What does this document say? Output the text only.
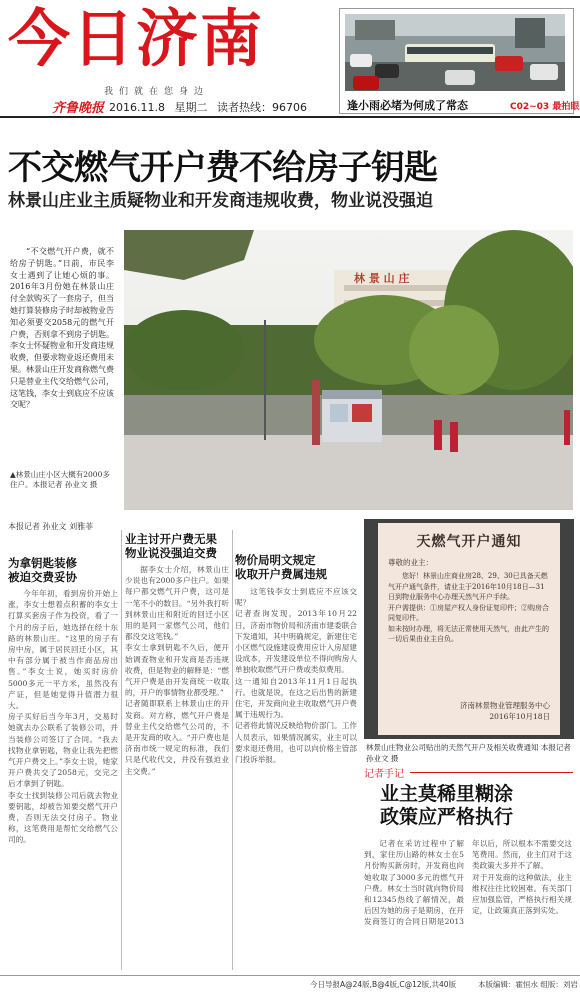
今日济南
我们就在您身边
齐鲁晚报 2016.11.8 星期二 读者热线：96706	逢小雨必堵为何成了常态	C02~03 最拍眼
不交燃气开户费不给房子钥匙
林景山庄业主质疑物业和开发商违规收费，物业说没强迫
“不交燃气开户费，就不给房子钥匙。”日前，市民李女士遇到了让她心烦的事。2016年3月份她在林景山庄付全款购买了一套房子，但当她打算装修房子时却被物业告知必须要交2058元的燃气开户费，否则拿不到房子钥匙。李女士怀疑物业和开发商违规收费，但要求物业返还费用未果。林景山庄开发商称燃气费只是替业主代交给燃气公司，这笔钱，李女士到底应不应该交呢？
▲林景山庄小区大概有2000多住户。本报记者 孙业文 摄
林 景 山 庄
本报记者 孙业文 刘雅菲
为拿钥匙装修
被迫交费妥协
今年年初，看到房价开始上涨，李女士想着点积蓄的李女士打算买套房子作为投资，看了一个月的房子后，她选择在经十东路的林景山庄。“这里的房子有房中房，属于居民回迁小区，其中有部分属于被当作商品房出售。”李女士说，她买时房价5000多元一平方米，虽然没有产证，但是她觉得升值潜力很大。
房子买好后当今年3月，交易时她就去办公联系了装修公司，并当装修公司签订了合同。“我去找物业拿钥匙，物业让我先把燃气开户费交上。”李女士说，她家开户费共交了2058元，交完之后才拿到了钥匙。
李女士找到装修公司后就去物业要钥匙，却被告知要交燃气开户费，否则无法交付房子。物业称，这笔费用是帮忙交给燃气公司的。
业主讨开户费无果
物业说没强迫交费
据李女士介绍，林景山庄少说也有2000多户住户。如果每户都交燃气开户费，这可是一笔不小的数目。“另外我打听到林景山庄和附近的回迁小区用的是同一家燃气公司，他们都没交这笔钱。”
李女士拿到钥匙不久后，便开始调查物业和开发商是否违规收费，但是物业的解释是：“燃气开户费是由开发商统一收取的，开户的事情物业都受理。”
记者随即联系上林景山庄的开发商。对方称，燃气开户费是替业主代交给燃气公司的，不是开发商的收入。“开户费也是济南市统一规定的标准，我们只是代收代交，并没有强迫业主交费。”
物价局明文规定
收取开户费属违规
这笔钱李女士到底应不应该交呢？
记者查询发现，2013年10月22日，济南市物价局和济南市建委联合下发通知，其中明确规定，新建住宅小区燃气设施建设费用应计入房屋建设成本，开发建设单位不得向购房人单独收取燃气开户费或类似费用。
这一通知自2013年11月1日起执行。也就是说，在这之后出售的新建住宅，开发商向业主收取燃气开户费属于违规行为。
记者将此情况反映给物价部门。工作人员表示，如果情况属实，业主可以要求退还费用，也可以向价格主管部门投诉举报。
天燃气开户通知
尊敬的业主：
您好！林景山庄商业房28、29、30已具备天燃气开户通气条件，请业主于2016年10月18日—31日到物业服务中心办理天然气开户手续。
开户需提供：①房屋产权人身份证复印件；②购房合同复印件。
如未按时办理，将无法正常使用天然气，由此产生的一切后果由业主自负。
济南林景物业管理服务中心
2016年10月18日
林景山庄物业公司贴出的天然气开户及相关收费通知 本报记者 孙业文 摄
记者手记
业主莫稀里糊涂
政策应严格执行
记者在采访过程中了解到，家住历山路的林女士在5月份购买新房时，开发商也向她收取了3000多元的燃气开户费。林女士当时就向物价局和12345热线了解情况，最后因为她的房子是期房，在开发商签订的合同日期是2013年以后，所以根本不需要交这笔费用。然而，业主们对于这类政策大多并不了解。
对于开发商的这种做法，业主维权往往比较困难。有关部门应加强监管，严格执行相关规定，让政策真正落到实处。
今日导报A@24版,B@4版,C@12版,共40版	本版编辑：霍恒水 组版：刘岩
